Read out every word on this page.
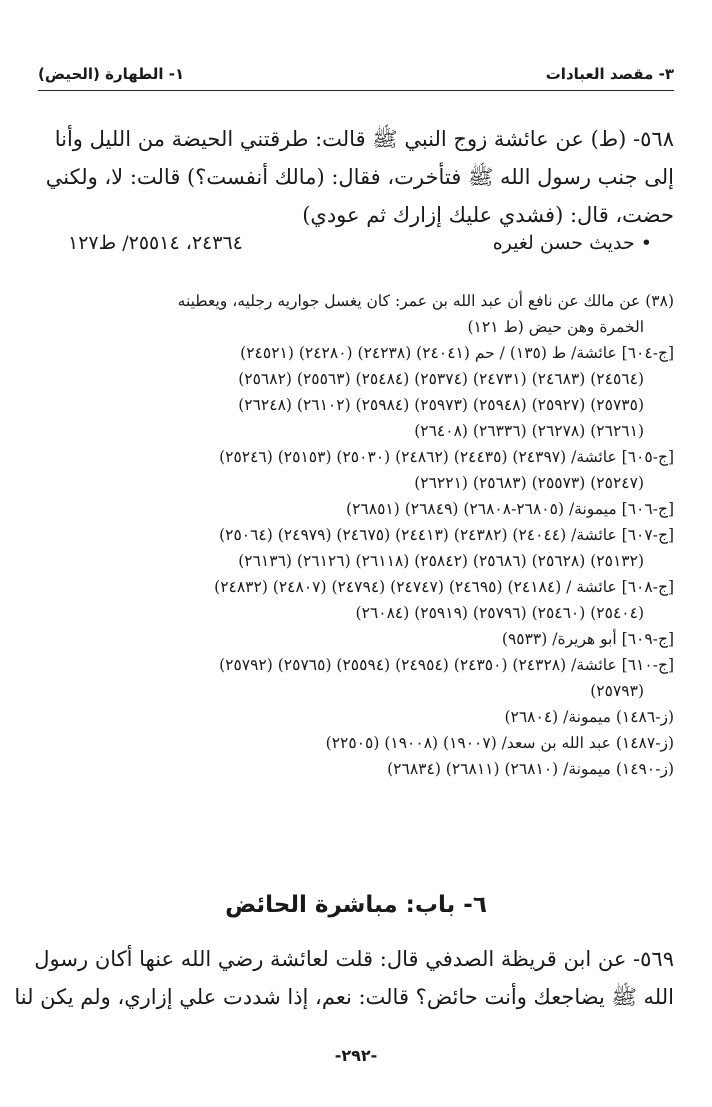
٣- مقصد العبادات
١- الطهارة (الحيض)
٥٦٨- (ط) عن عائشة زوج النبي ﷺ قالت: طرقتني الحيضة من الليل وأنا
إلى جنب رسول الله ﷺ فتأخرت، فقال: (مالك أنفست؟) قالت: لا، ولكني
حضت، قال: (فشدي عليك إزارك ثم عودي)
• حديث حسن لغيره
٢٤٣٦٤، ٢٥٥١٤/ ط١٢٧
(٣٨) عن مالك عن نافع أن عبد الله بن عمر: كان يغسل جواريه رجليه، ويعطينه
الخمرة وهن حيض (ط ١٢١)
[ج-٦٠٤] عائشة/ ط (١٣٥) / حم (٢٤٠٤١) (٢٤٢٣٨) (٢٤٢٨٠) (٢٤٥٢١)
(٢٤٥٦٤) (٢٤٦٨٣) (٢٤٧٣١) (٢٥٣٧٤) (٢٥٤٨٤) (٢٥٥٦٣) (٢٥٦٨٢)
(٢٥٧٣٥) (٢٥٩٢٧) (٢٥٩٤٨) (٢٥٩٧٣) (٢٥٩٨٤) (٢٦١٠٢) (٢٦٢٤٨)
(٢٦٢٦١) (٢٦٢٧٨) (٢٦٣٣٦) (٢٦٤٠٨)
[ج-٦٠٥] عائشة/ (٢٤٣٩٧) (٢٤٤٣٥) (٢٤٨٦٢) (٢٥٠٣٠) (٢٥١٥٣) (٢٥٢٤٦)
(٢٥٢٤٧) (٢٥٥٧٣) (٢٥٦٨٣) (٢٦٢٢١)
[ج-٦٠٦] ميمونة/ (٢٦٨٠٥-٢٦٨٠٨) (٢٦٨٤٩) (٢٦٨٥١)
[ج-٦٠٧] عائشة/ (٢٤٠٤٤) (٢٤٣٨٢) (٢٤٤١٣) (٢٤٦٧٥) (٢٤٩٧٩) (٢٥٠٦٤)
(٢٥١٣٢) (٢٥٦٢٨) (٢٥٦٨٦) (٢٥٨٤٢) (٢٦١١٨) (٢٦١٢٦) (٢٦١٣٦)
[ج-٦٠٨] عائشة / (٢٤١٨٤) (٢٤٦٩٥) (٢٤٧٤٧) (٢٤٧٩٤) (٢٤٨٠٧) (٢٤٨٣٢)
(٢٥٤٠٤) (٢٥٤٦٠) (٢٥٧٩٦) (٢٥٩١٩) (٢٦٠٨٤)
[ج-٦٠٩] أبو هريرة/ (٩٥٣٣)
[ج-٦١٠] عائشة/ (٢٤٣٢٨) (٢٤٣٥٠) (٢٤٩٥٤) (٢٥٥٩٤) (٢٥٧٦٥) (٢٥٧٩٢)
(٢٥٧٩٣)
(ز-١٤٨٦) ميمونة/ (٢٦٨٠٤)
(ز-١٤٨٧) عبد الله بن سعد/ (١٩٠٠٧) (١٩٠٠٨) (٢٢٥٠٥)
(ز-١٤٩٠) ميمونة/ (٢٦٨١٠) (٢٦٨١١) (٢٦٨٣٤)
٦- باب: مباشرة الحائض
٥٦٩- عن ابن قريظة الصدفي قال: قلت لعائشة رضي الله عنها أكان رسول
الله ﷺ يضاجعك وأنت حائض؟ قالت: نعم، إذا شددت علي إزاري، ولم يكن لنا
-٢٩٢-
